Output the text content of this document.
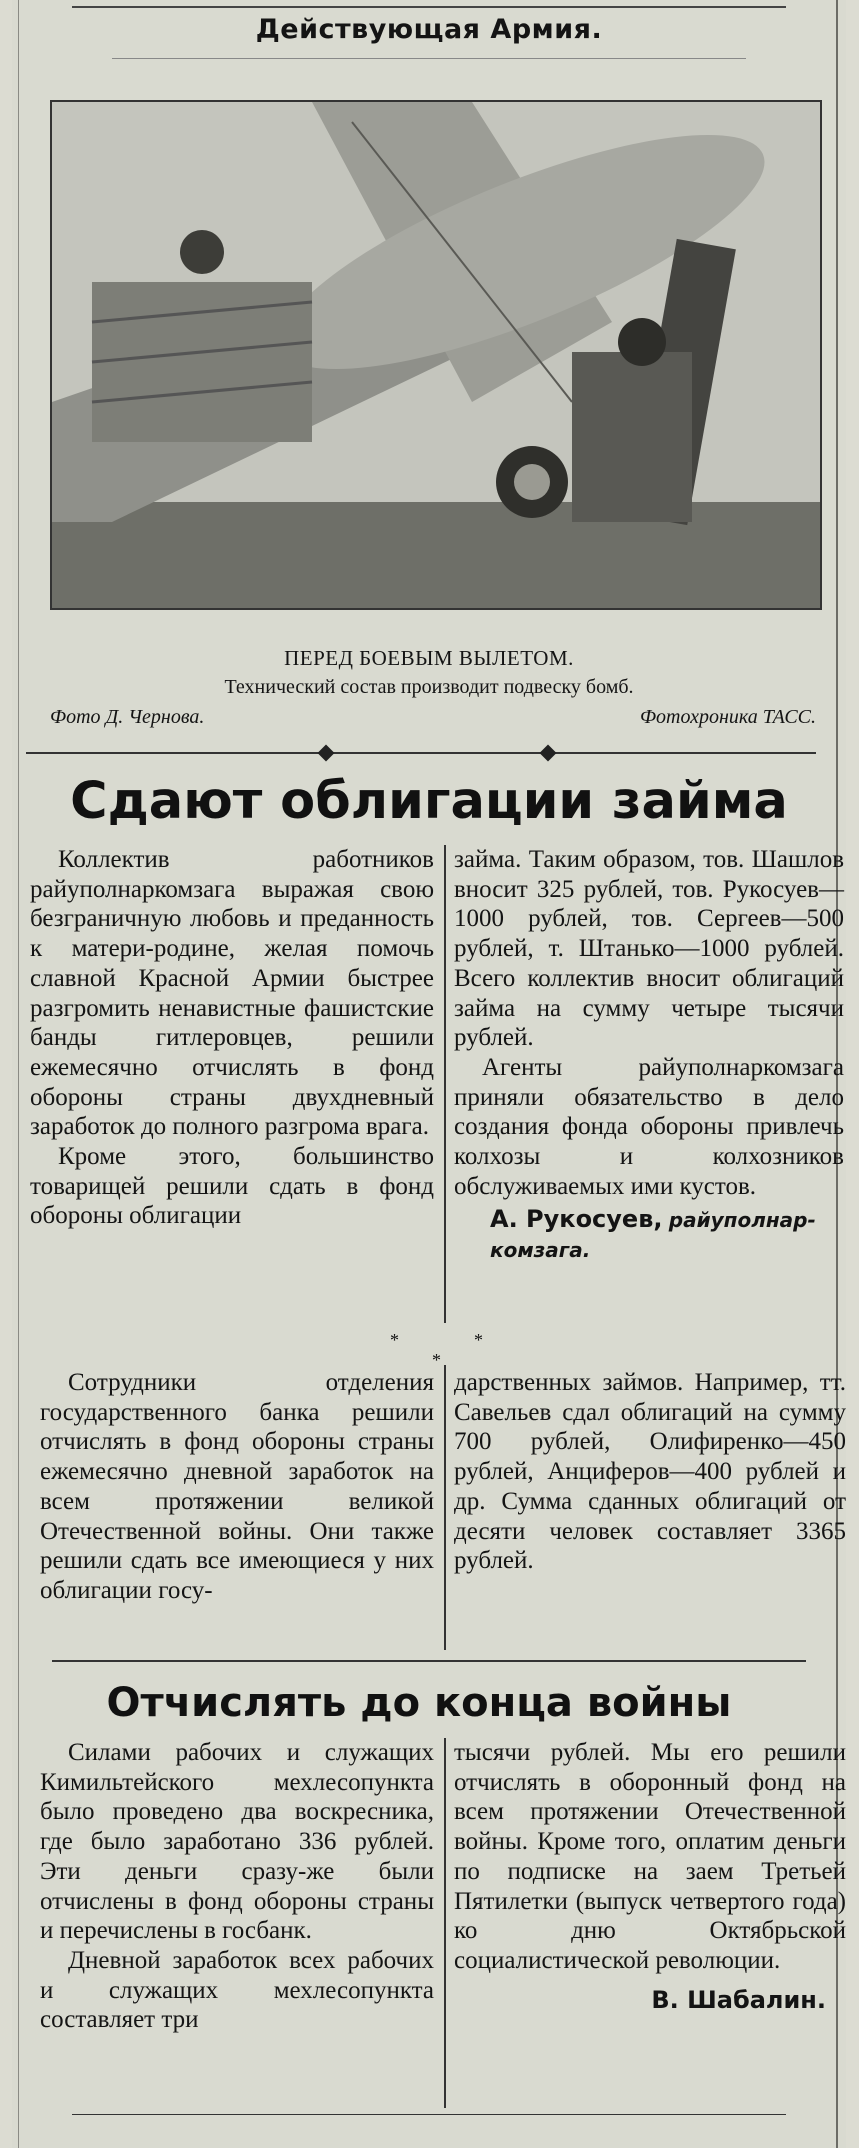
Действующая Армия.
ПЕРЕД БОЕВЫМ ВЫЛЕТОМ.
Технический состав производит подвеску бомб.
Фото Д. Чернова.	Фотохроника ТАСС.
Сдают облигации займа

Коллектив работников райуполнаркомзага выражая свою безграничную любовь и преданность к матери-родине, желая помочь славной Красной Армии быстрее разгромить ненавистные фашистские банды гитлеровцев, решили ежемесячно отчислять в фонд обороны страны двухдневный заработок до полного разгрома врага.

Кроме этого, большинство товарищей решили сдать в фонд обороны облигации

займа. Таким образом, тов. Шашлов вносит 325 рублей, тов. Рукосуев—1000 рублей, тов. Сергеев—500 рублей, т. Штанько—1000 рублей. Всего коллектив вносит облигаций займа на сумму четыре тысячи рублей.

Агенты райуполнаркомзага приняли обязательство в дело создания фонда обороны привлечь колхозы и колхозников обслуживаемых ими кустов.

А. Рукосуев, райуполнар-
комзага.
*
*
*

Сотрудники отделения государственного банка решили отчислять в фонд обороны страны ежемесячно дневной заработок на всем протяжении великой Отечественной войны. Они также решили сдать все имеющиеся у них облигации госу-

дарственных займов. Например, тт. Савельев сдал облигаций на сумму 700 рублей, Олифиренко—450 рублей, Анциферов—400 рублей и др. Сумма сданных облигаций от десяти человек составляет 3365 рублей.

Отчислять до конца войны

Силами рабочих и служащих Кимильтейского мехлесопункта было проведено два воскресника, где было заработано 336 рублей. Эти деньги сразу-же были отчислены в фонд обороны страны и перечислены в госбанк.

Дневной заработок всех рабочих и служащих мехлесопункта составляет три

тысячи рублей. Мы его решили отчислять в оборонный фонд на всем протяжении Отечественной войны. Кроме того, оплатим деньги по подписке на заем Третьей Пятилетки (выпуск четвертого года) ко дню Октябрьской социалистической революции.

В. Шабалин.
